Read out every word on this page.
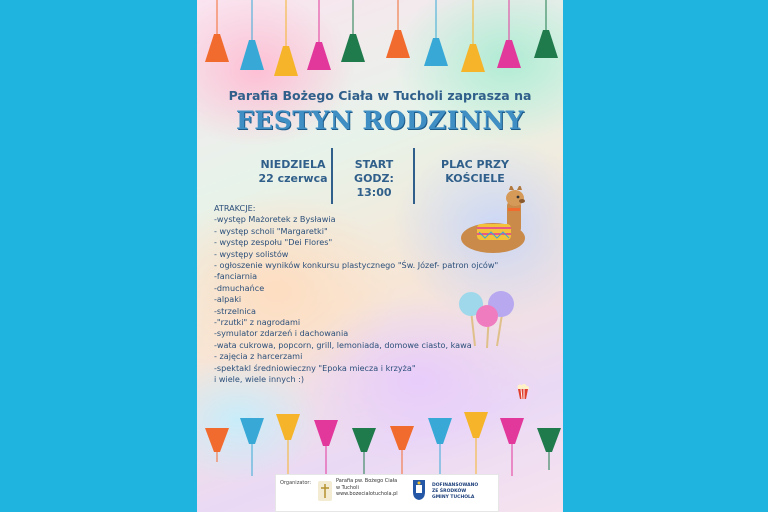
Parafia Bożego Ciała w Tucholi zaprasza na
FESTYN RODZINNY
NIEDZIELA
22 czerwca
START
GODZ:
13:00
PLAC PRZY
KOŚCIELE
ATRAKCJE:
-występ Mażoretek z Bysławia
- występ scholi "Margaretki"
- występ zespołu "Dei Flores"
- występy solistów
- ogłoszenie wyników konkursu plastycznego "Św. Józef- patron ojców"
-fanciarnia
-dmuchańce
-alpaki
-strzelnica
-"rzutki" z nagrodami
-symulator zdarzeń i dachowania
-wata cukrowa, popcorn, grill, lemoniada, domowe ciasto, kawa
- zajęcia z harcerzami
-spektakl średniowieczny "Epoka miecza i krzyża"
i wiele, wiele innych :)
Organizator:	Parafia pw. Bożego Ciała
w Tucholi
www.bozecialotuchola.pl
DOFINANSOWANO
ZE ŚRODKÓW
GMINY TUCHOLA
